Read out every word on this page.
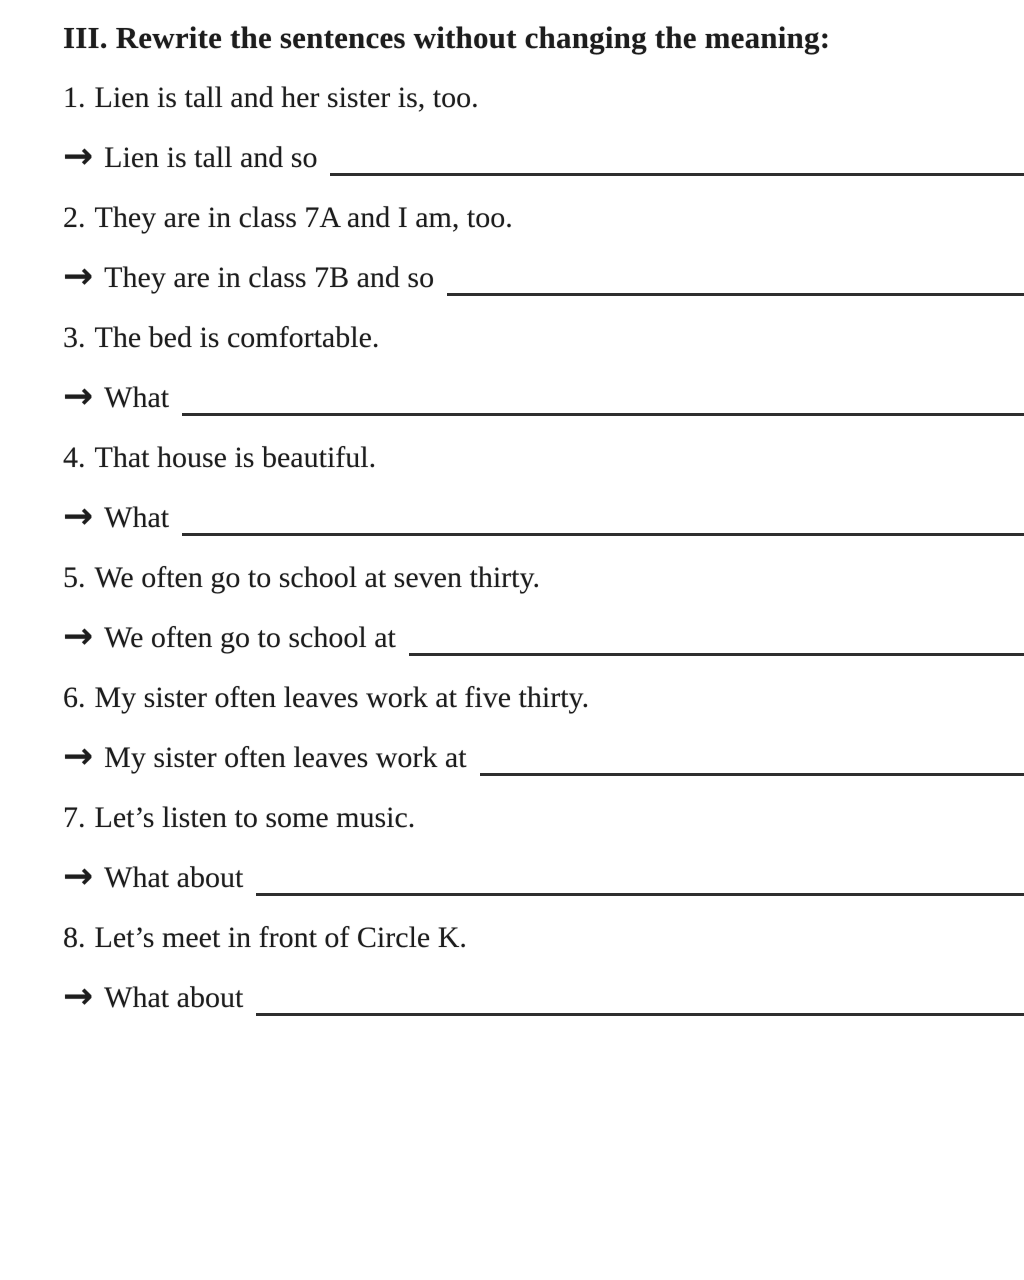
III. Rewrite the sentences without changing the meaning:
1. Lien is tall and her sister is, too.
→ Lien is tall and so
2. They are in class 7A and I am, too.
→ They are in class 7B and so
3. The bed is comfortable.
→ What
4. That house is beautiful.
→ What
5. We often go to school at seven thirty.
→ We often go to school at
6. My sister often leaves work at five thirty.
→ My sister often leaves work at
7. Let’s listen to some music.
→ What about
8. Let’s meet in front of Circle K.
→ What about
